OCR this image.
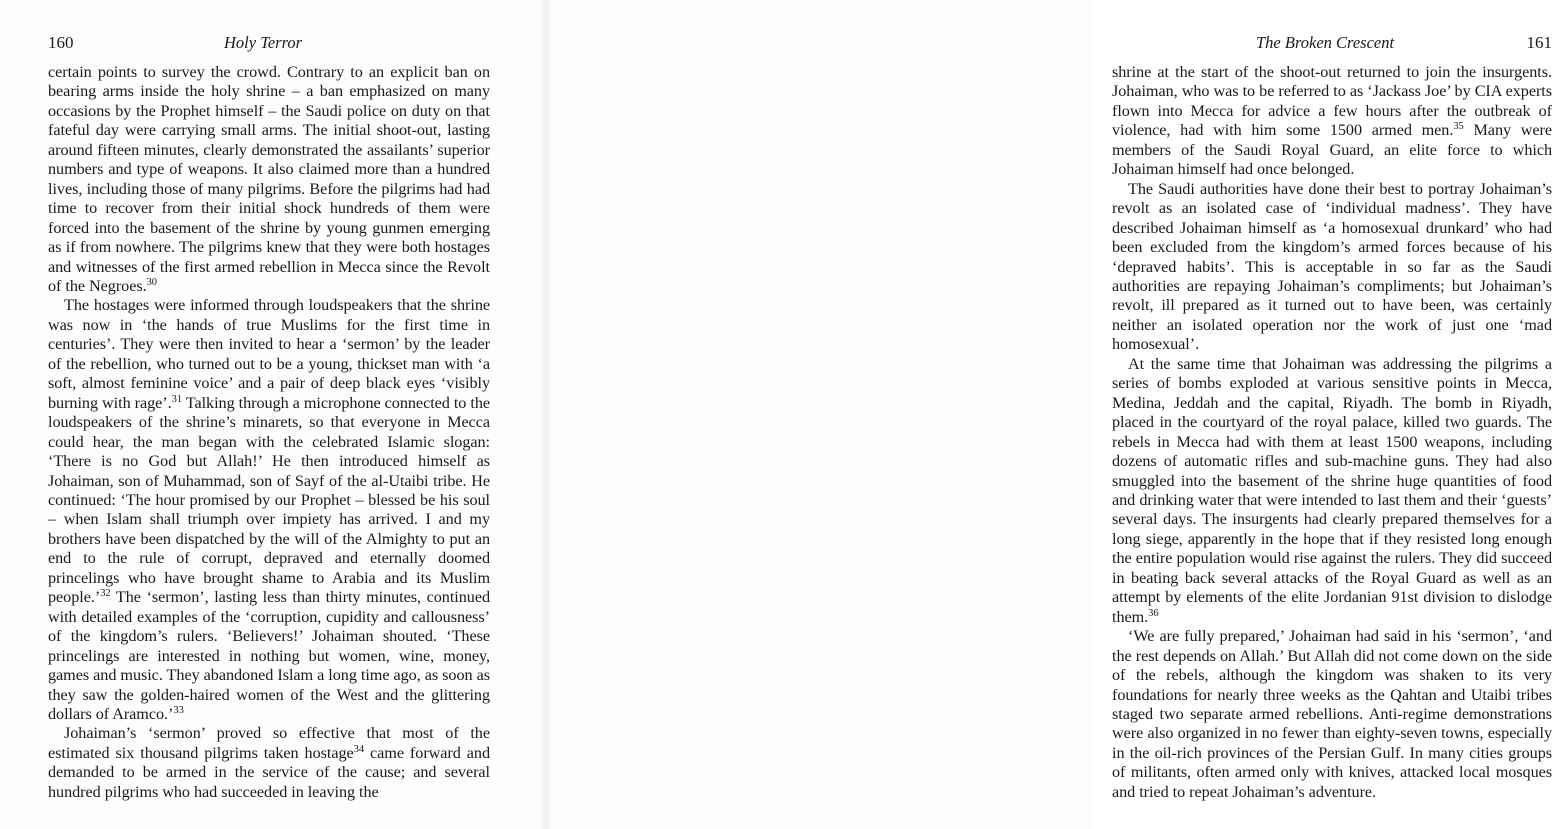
160	Holy Terror

certain points to survey the crowd. Contrary to an explicit ban on bearing arms inside the holy shrine – a ban emphasized on many occasions by the Prophet himself – the Saudi police on duty on that fateful day were carrying small arms. The initial shoot-out, lasting around fifteen minutes, clearly demonstrated the assailants’ superior numbers and type of weapons. It also claimed more than a hundred lives, including those of many pilgrims. Before the pilgrims had had time to recover from their initial shock hundreds of them were forced into the basement of the shrine by young gunmen emerging as if from nowhere. The pilgrims knew that they were both hostages and witnesses of the first armed rebellion in Mecca since the Revolt of the Negroes.$^{30}$

The hostages were informed through loudspeakers that the shrine was now in ‘the hands of true Muslims for the first time in centuries’. They were then invited to hear a ‘sermon’ by the leader of the rebellion, who turned out to be a young, thickset man with ‘a soft, almost feminine voice’ and a pair of deep black eyes ‘visibly burning with rage’.$^{31}$ Talking through a microphone connected to the loudspeakers of the shrine’s minarets, so that everyone in Mecca could hear, the man began with the celebrated Islamic slogan: ‘There is no God but Allah!’ He then introduced himself as Johaiman, son of Muhammad, son of Sayf of the al-Utaibi tribe. He continued: ‘The hour promised by our Prophet – blessed be his soul – when Islam shall triumph over impiety has arrived. I and my brothers have been dispatched by the will of the Almighty to put an end to the rule of corrupt, depraved and eternally doomed princelings who have brought shame to Arabia and its Muslim people.’$^{32}$ The ‘sermon’, lasting less than thirty minutes, continued with detailed examples of the ‘corruption, cupidity and callousness’ of the kingdom’s rulers. ‘Believers!’ Johaiman shouted. ‘These princelings are interested in nothing but women, wine, money, games and music. They abandoned Islam a long time ago, as soon as they saw the golden-haired women of the West and the glittering dollars of Aramco.’$^{33}$

Johaiman’s ‘sermon’ proved so effective that most of the estimated six thousand pilgrims taken hostage$^{34}$ came forward and demanded to be armed in the service of the cause; and several hundred pilgrims who had succeeded in leaving the

The Broken Crescent	161

shrine at the start of the shoot-out returned to join the insurgents. Johaiman, who was to be referred to as ‘Jackass Joe’ by CIA experts flown into Mecca for advice a few hours after the outbreak of violence, had with him some 1500 armed men.$^{35}$ Many were members of the Saudi Royal Guard, an elite force to which Johaiman himself had once belonged.

The Saudi authorities have done their best to portray Johaiman’s revolt as an isolated case of ‘individual madness’. They have described Johaiman himself as ‘a homosexual drunkard’ who had been excluded from the kingdom’s armed forces because of his ‘depraved habits’. This is acceptable in so far as the Saudi authorities are repaying Johaiman’s compliments; but Johaiman’s revolt, ill prepared as it turned out to have been, was certainly neither an isolated operation nor the work of just one ‘mad homosexual’.

At the same time that Johaiman was addressing the pilgrims a series of bombs exploded at various sensitive points in Mecca, Medina, Jeddah and the capital, Riyadh. The bomb in Riyadh, placed in the courtyard of the royal palace, killed two guards. The rebels in Mecca had with them at least 1500 weapons, including dozens of automatic rifles and sub-machine guns. They had also smuggled into the basement of the shrine huge quantities of food and drinking water that were intended to last them and their ‘guests’ several days. The insurgents had clearly prepared themselves for a long siege, apparently in the hope that if they resisted long enough the entire population would rise against the rulers. They did succeed in beating back several attacks of the Royal Guard as well as an attempt by elements of the elite Jordanian 91st division to dislodge them.$^{36}$

‘We are fully prepared,’ Johaiman had said in his ‘sermon’, ‘and the rest depends on Allah.’ But Allah did not come down on the side of the rebels, although the kingdom was shaken to its very foundations for nearly three weeks as the Qahtan and Utaibi tribes staged two separate armed rebellions. Anti-regime demonstrations were also organized in no fewer than eighty-seven towns, especially in the oil-rich provinces of the Persian Gulf. In many cities groups of militants, often armed only with knives, attacked local mosques and tried to repeat Johaiman’s adventure.
